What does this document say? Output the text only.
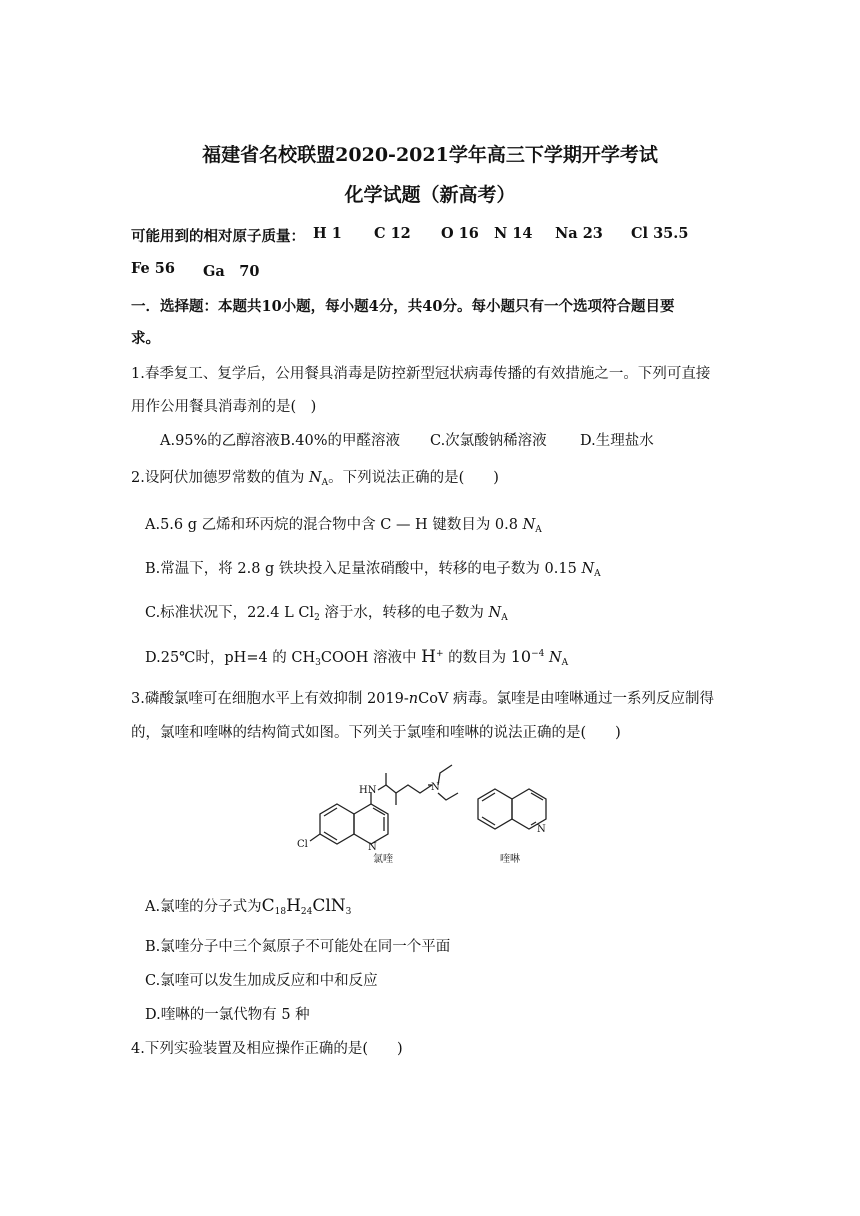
福建省名校联盟2020-2021学年高三下学期开学考试
化学试题（新高考）
可能用到的相对原子质量： H 1 C 12 O 16 N 14 Na 23 Cl 35.5
Fe 56 Ga　70
一．选择题：本题共10小题，每小题4分，共40分。每小题只有一个选项符合题目要
求。
1.春季复工、复学后，公用餐具消毒是防控新型冠状病毒传播的有效措施之一。下列可直接
用作公用餐具消毒剂的是(　)
A.95%的乙醇溶液 B.40%的甲醛溶液 C.次氯酸钠稀溶液 D.生理盐水
2.设阿伏加德罗常数的值为 $N_A$。下列说法正确的是(　　)
A.5.6 g 乙烯和环丙烷的混合物中含 C — H 键数目为 0.8 $N_A$
B.常温下，将 2.8 g 铁块投入足量浓硝酸中，转移的电子数为 0.15 $N_A$
C.标准状况下，22.4 L $Cl_2$ 溶于水，转移的电子数为 $N_A$
D.25℃时，pH=4 的 $CH_3COOH$ 溶液中 H+ 的数目为 $10^{-4}$ $N_A$
3.磷酸氯喹可在细胞水平上有效抑制 2019-nCoV 病毒。氯喹是由喹啉通过一系列反应制得
的，氯喹和喹啉的结构简式如图。下列关于氯喹和喹啉的说法正确的是(　　)
HN	N
N
N
Cl
氯喹	喹啉
A.氯喹的分子式为$C_{18}H_{24}ClN_3$
B.氯喹分子中三个氮原子不可能处在同一个平面
C.氯喹可以发生加成反应和中和反应
D.喹啉的一氯代物有 5 种
4.下列实验装置及相应操作正确的是(　　)
